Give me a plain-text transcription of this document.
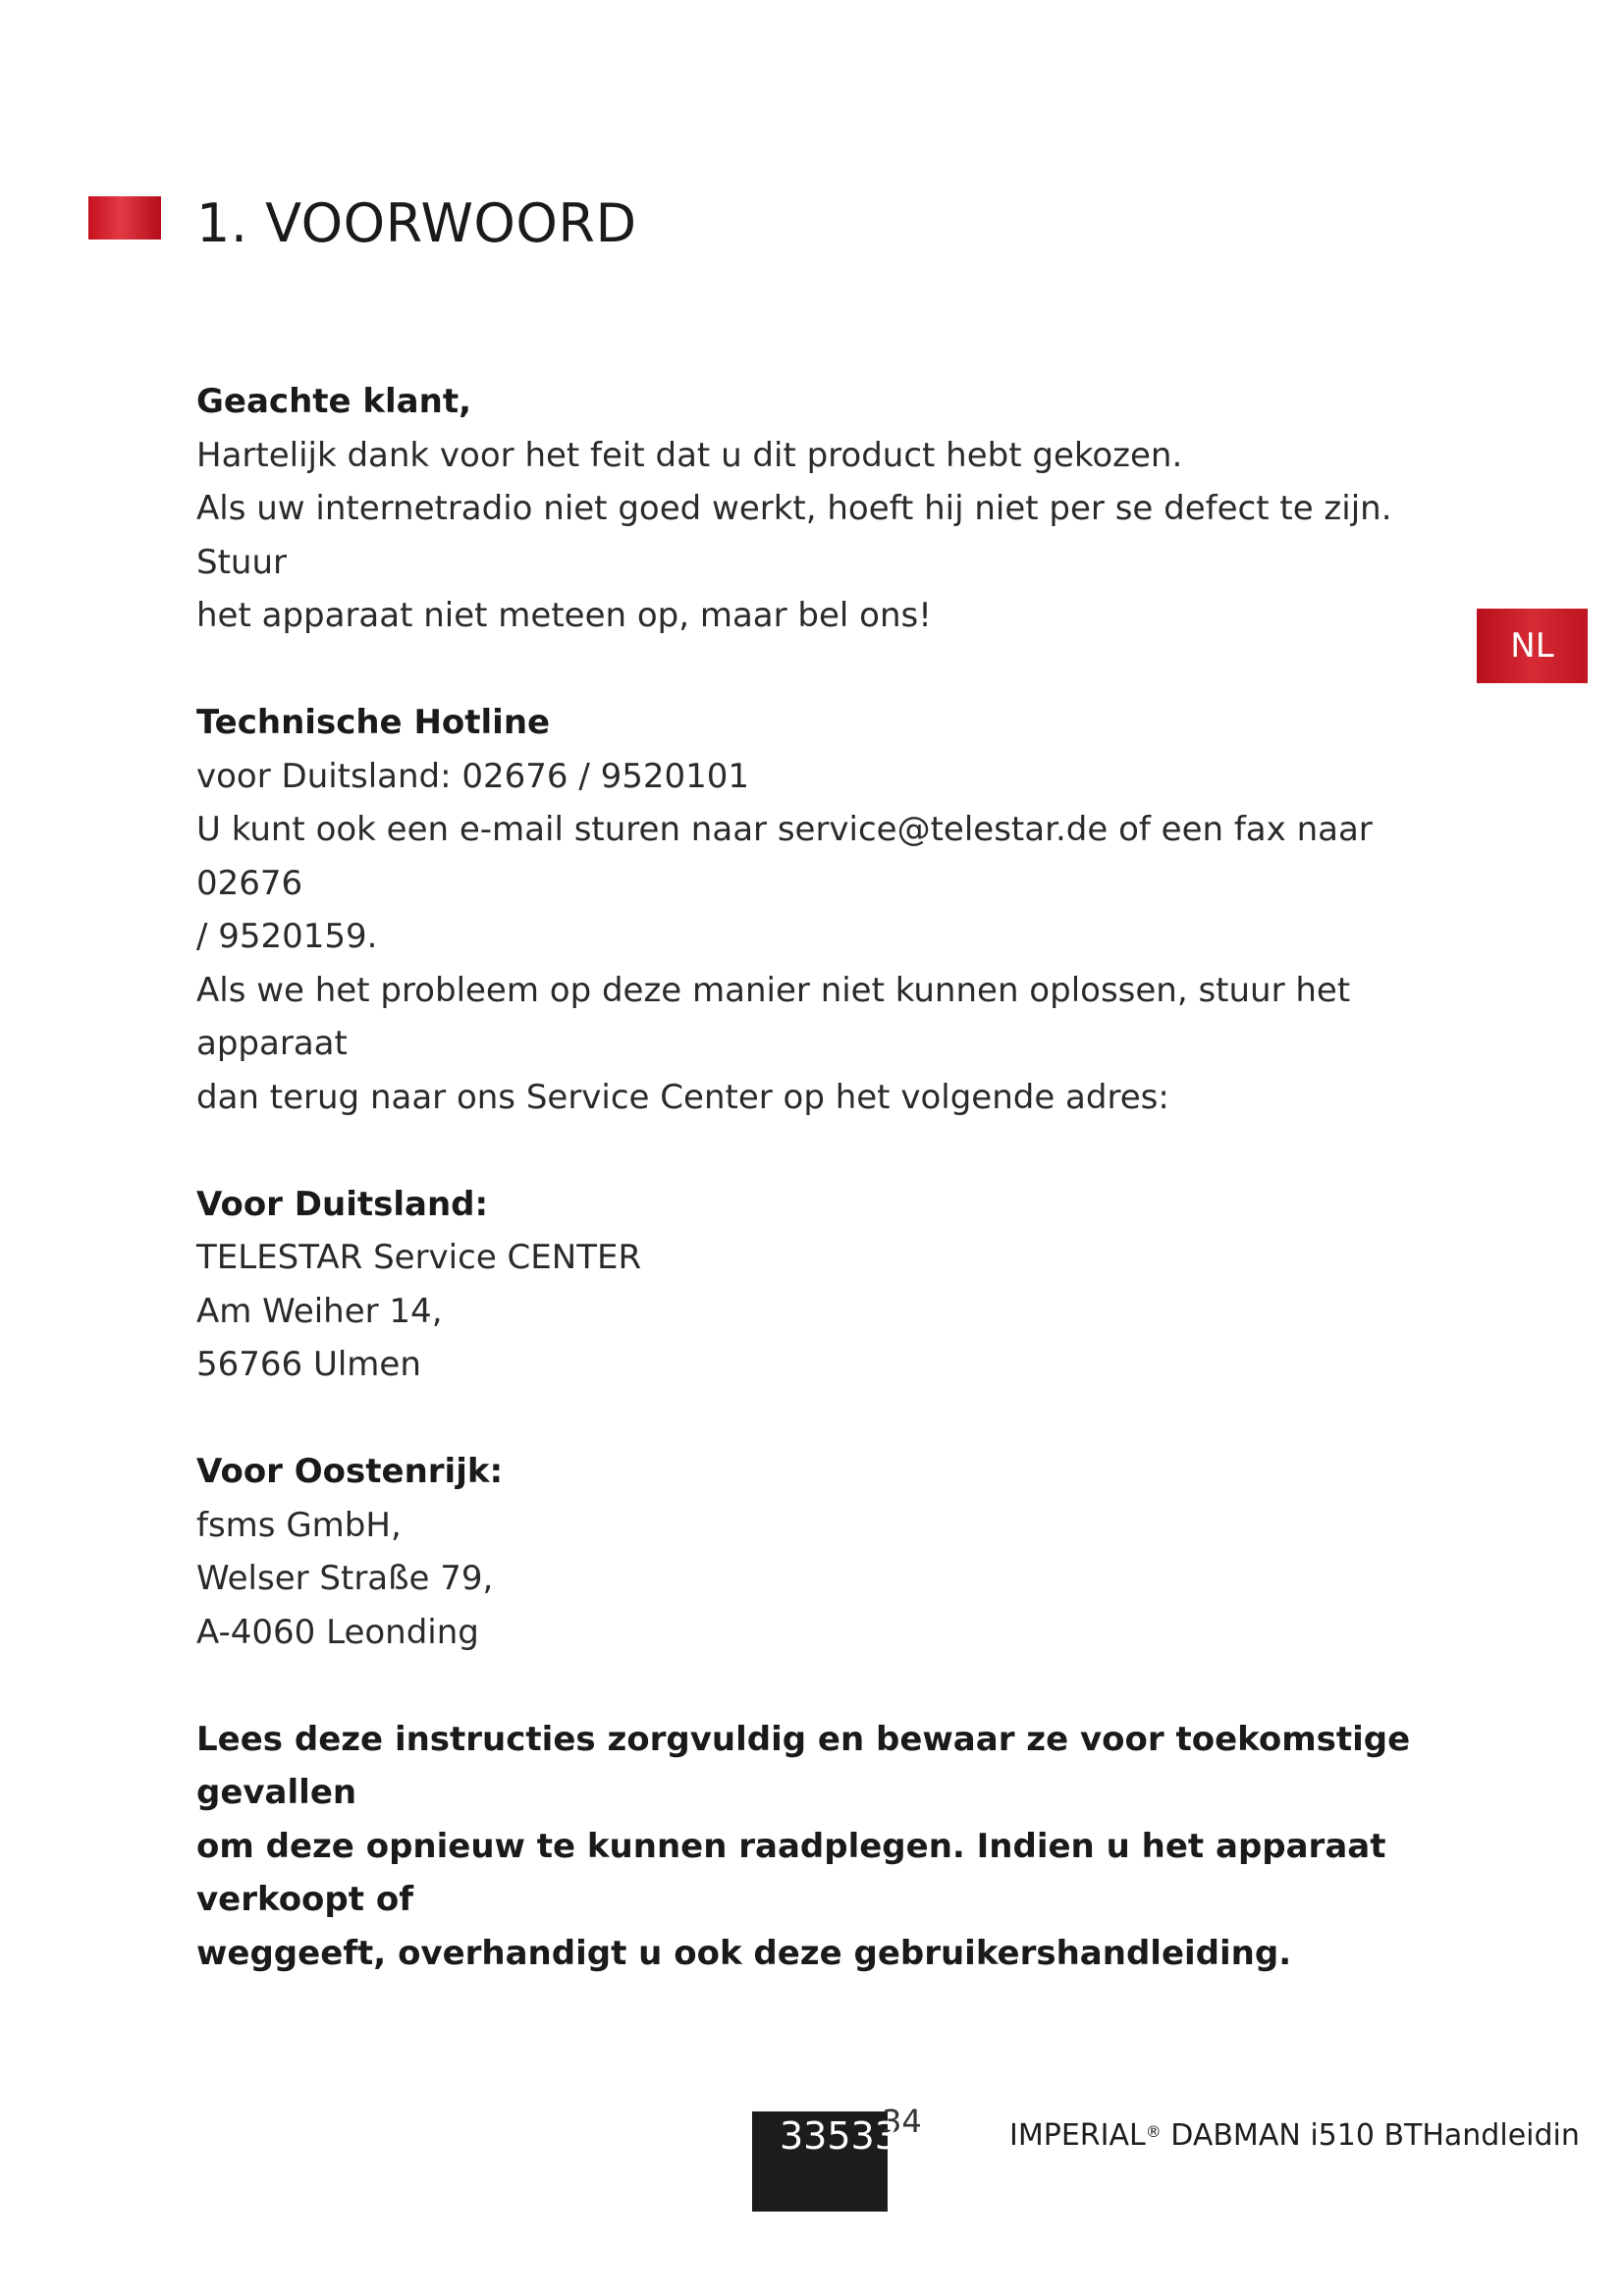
1. VOORWOORD
NL

Geachte klant,

Hartelijk dank voor het feit dat u dit product hebt gekozen.

Als uw internetradio niet goed werkt, hoeft hij niet per se defect te zijn. Stuur

het apparaat niet meteen op, maar bel ons!

Technische Hotline

voor Duitsland: 02676 / 9520101

U kunt ook een e-mail sturen naar service@telestar.de of een fax naar 02676

/ 9520159.

Als we het probleem op deze manier niet kunnen oplossen, stuur het apparaat

dan terug naar ons Service Center op het volgende adres:

Voor Duitsland:

TELESTAR Service CENTER

Am Weiher 14,

56766 Ulmen

Voor Oostenrijk:

fsms GmbH,

Welser Straße 79,

A-4060 Leonding

Lees deze instructies zorgvuldig en bewaar ze voor toekomstige gevallen

om deze opnieuw te kunnen raadplegen. Indien u het apparaat verkoopt of

weggeeft, overhandigt u ook deze gebruikershandleiding.

34
33533	IMPERIAL® DABMAN i510 BTHandleidin
